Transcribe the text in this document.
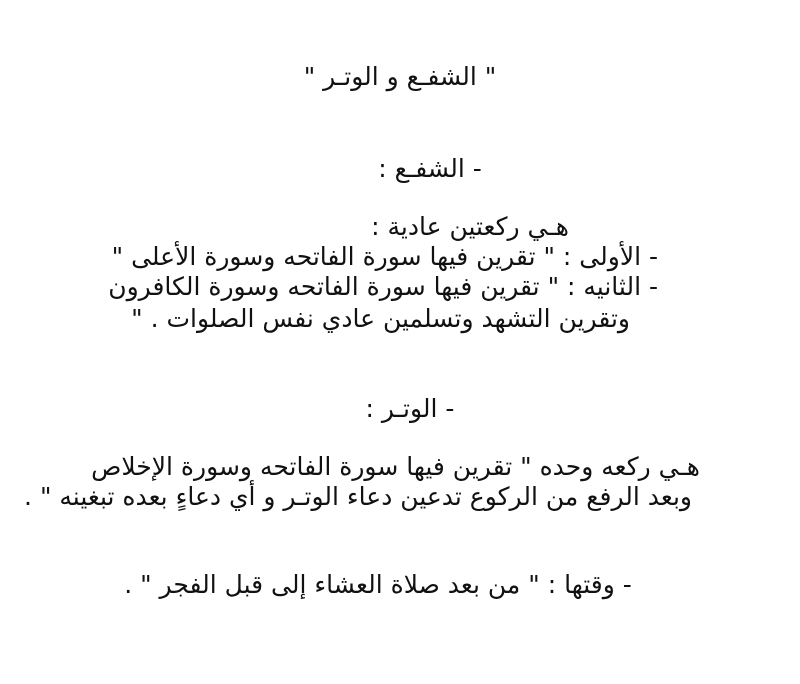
" الشفـع و الوتـر "

- الشفـع :

هـي ركعتين عادية :

- الأولى : " تقرين فيها سورة الفاتحه وسورة الأعلى "

- الثانيه : " تقرين فيها سورة الفاتحه وسورة الكافرون

وتقرين التشهد وتسلمين عادي نفس الصلوات . "

- الوتـر :

هـي ركعه وحده " تقرين فيها سورة الفاتحه وسورة الإخلاص

وبعد الرفع من الركوع تدعين دعاء الوتـر و أي دعاءٍ بعده تبغينه " .

- وقتها : " من بعد صلاة العشاء إلى قبل الفجر " .
